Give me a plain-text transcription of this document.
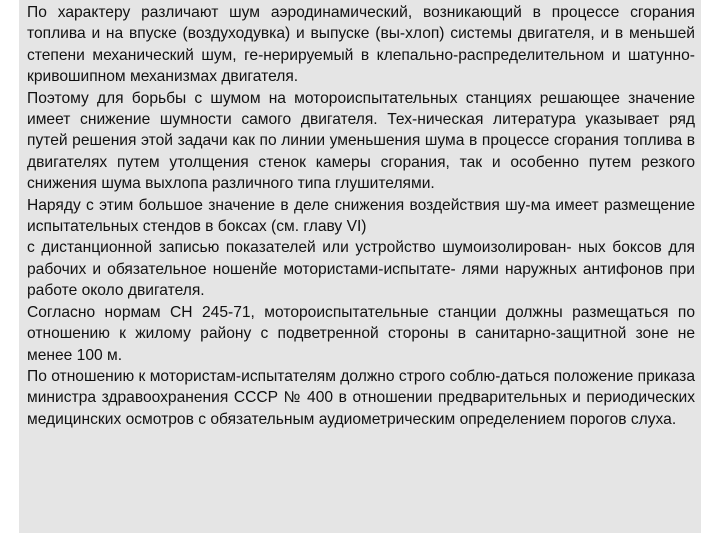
По характеру различают шум аэродинамический, возникающий в процессе сгорания топлива и на впуске (воздуходувка) и выпуске (вы-хлоп) системы двигателя, и в меньшей степени механический шум, ге-нерируемый в клепально-распределительном и шатунно-кривошипном механизмах двигателя.

Поэтому для борьбы с шумом на мотороиспытательных станциях решающее значение имеет снижение шумности самого двигателя. Тех-ническая литература указывает ряд путей решения этой задачи как по линии уменьшения шума в процессе сгорания топлива в двигателях путем утолщения стенок камеры сгорания, так и особенно путем резкого снижения шума выхлопа различного типа глушителями.

Наряду с этим большое значение в деле снижения воздействия шу-ма имеет размещение испытательных стендов в боксах (см. главу VI)

с дистанционной записью показателей или устройство шумоизолирован- ных боксов для рабочих и обязательное ношенйе мотористами-испытате- лями наружных антифонов при работе около двигателя.

Согласно нормам СН 245-71, мотороиспытательные станции должны размещаться по отношению к жилому району с подветренной стороны в санитарно-защитной зоне не менее 100 м.

По отношению к мотористам-испытателям должно строго соблю-даться положение приказа министра здравоохранения СССР № 400 в отношении предварительных и периодических медицинских осмотров с обязательным аудиометрическим определением порогов слуха.
